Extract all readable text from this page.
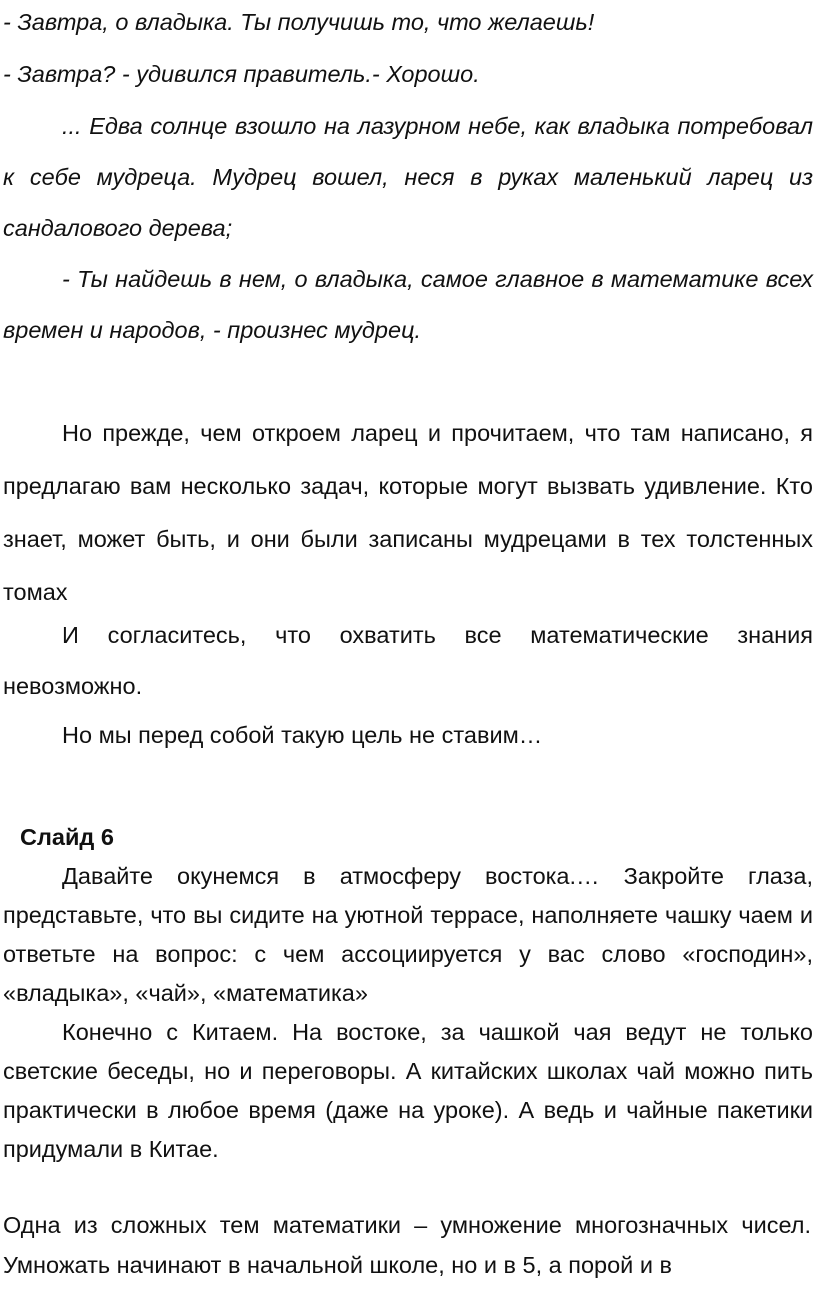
- Завтра, о владыка. Ты получишь то, что желаешь!

- Завтра? - удивился правитель.- Хорошо.

... Едва солнце взошло на лазурном небе, как владыка потребовал к себе мудреца. Мудрец вошел, неся в руках маленький ларец из сандалового дерева;

- Ты найдешь в нем, о владыка, самое главное в математике всех времен и народов, - произнес мудрец.

Но прежде, чем откроем ларец и прочитаем, что там написано, я предлагаю вам несколько задач, которые могут вызвать удивление. Кто знает, может быть, и они были записаны мудрецами в тех толстенных томах

И согласитесь, что охватить все математические знания невозможно.

Но мы перед собой такую цель не ставим…

Слайд 6

Давайте окунемся в атмосферу востока.… Закройте глаза, представьте, что вы сидите на уютной террасе, наполняете чашку чаем и ответьте на вопрос: с чем ассоциируется у вас слово «господин», «владыка», «чай», «математика»

Конечно с Китаем. На востоке, за чашкой чая ведут не только светские беседы, но и переговоры. А китайских школах чай можно пить практически в любое время (даже на уроке). А ведь и чайные пакетики придумали в Китае.

Одна из сложных тем математики – умножение многозначных чисел. Умножать начинают в начальной школе, но и в 5, а порой и в
